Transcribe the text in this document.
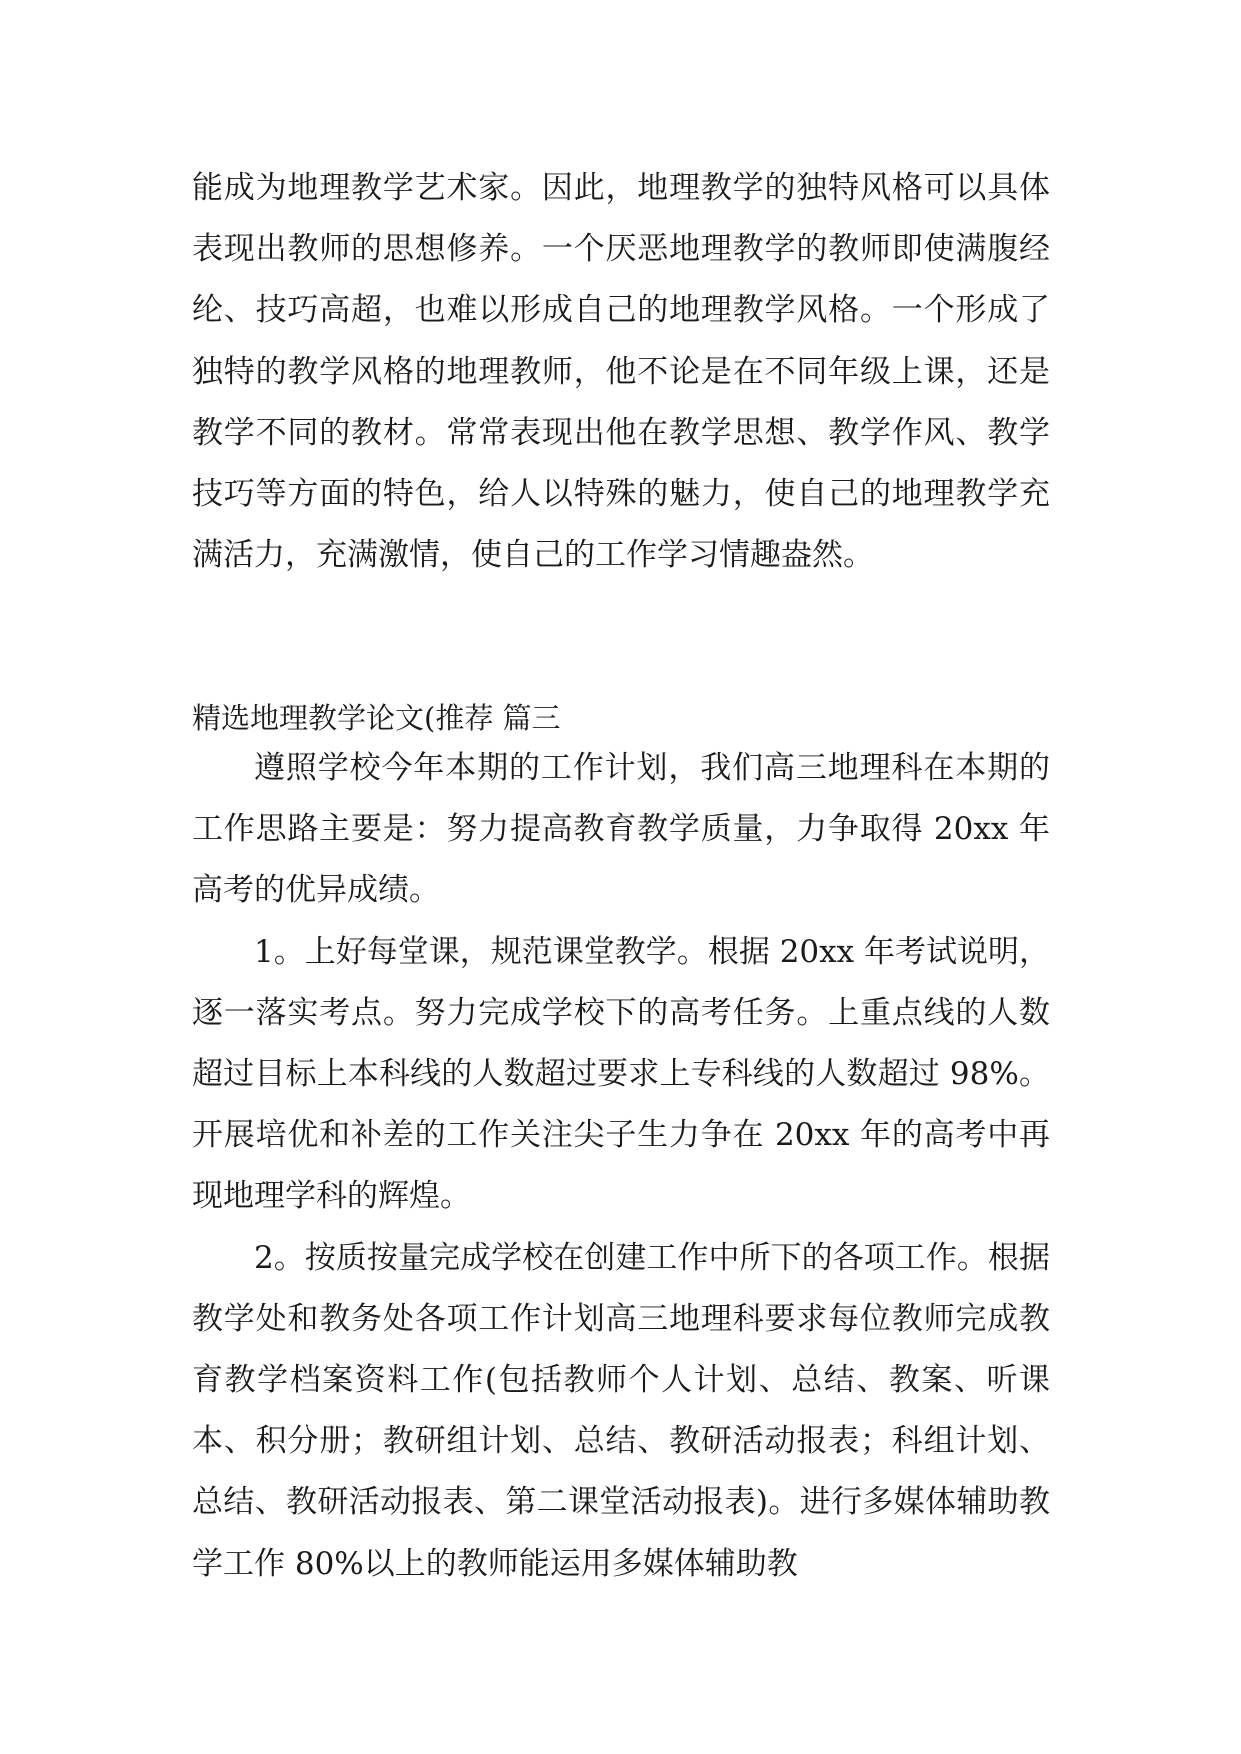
能成为地理教学艺术家。因此，地理教学的独特风格可以具体表现出教师的思想修养。一个厌恶地理教学的教师即使满腹经纶、技巧高超，也难以形成自己的地理教学风格。一个形成了独特的教学风格的地理教师，他不论是在不同年级上课，还是教学不同的教材。常常表现出他在教学思想、教学作风、教学技巧等方面的特色，给人以特殊的魅力，使自己的地理教学充满活力，充满激情，使自己的工作学习情趣盎然。

精选地理教学论文(推荐 篇三

遵照学校今年本期的工作计划，我们高三地理科在本期的工作思路主要是：努力提高教育教学质量，力争取得 20xx 年高考的优异成绩。

1。上好每堂课，规范课堂教学。根据 20xx 年考试说明，逐一落实考点。努力完成学校下的高考任务。上重点线的人数超过目标上本科线的人数超过要求上专科线的人数超过 98%。开展培优和补差的工作关注尖子生力争在 20xx 年的高考中再现地理学科的辉煌。

2。按质按量完成学校在创建工作中所下的各项工作。根据教学处和教务处各项工作计划高三地理科要求每位教师完成教育教学档案资料工作(包括教师个人计划、总结、教案、听课本、积分册；教研组计划、总结、教研活动报表；科组计划、总结、教研活动报表、第二课堂活动报表)。进行多媒体辅助教学工作 80%以上的教师能运用多媒体辅助教
